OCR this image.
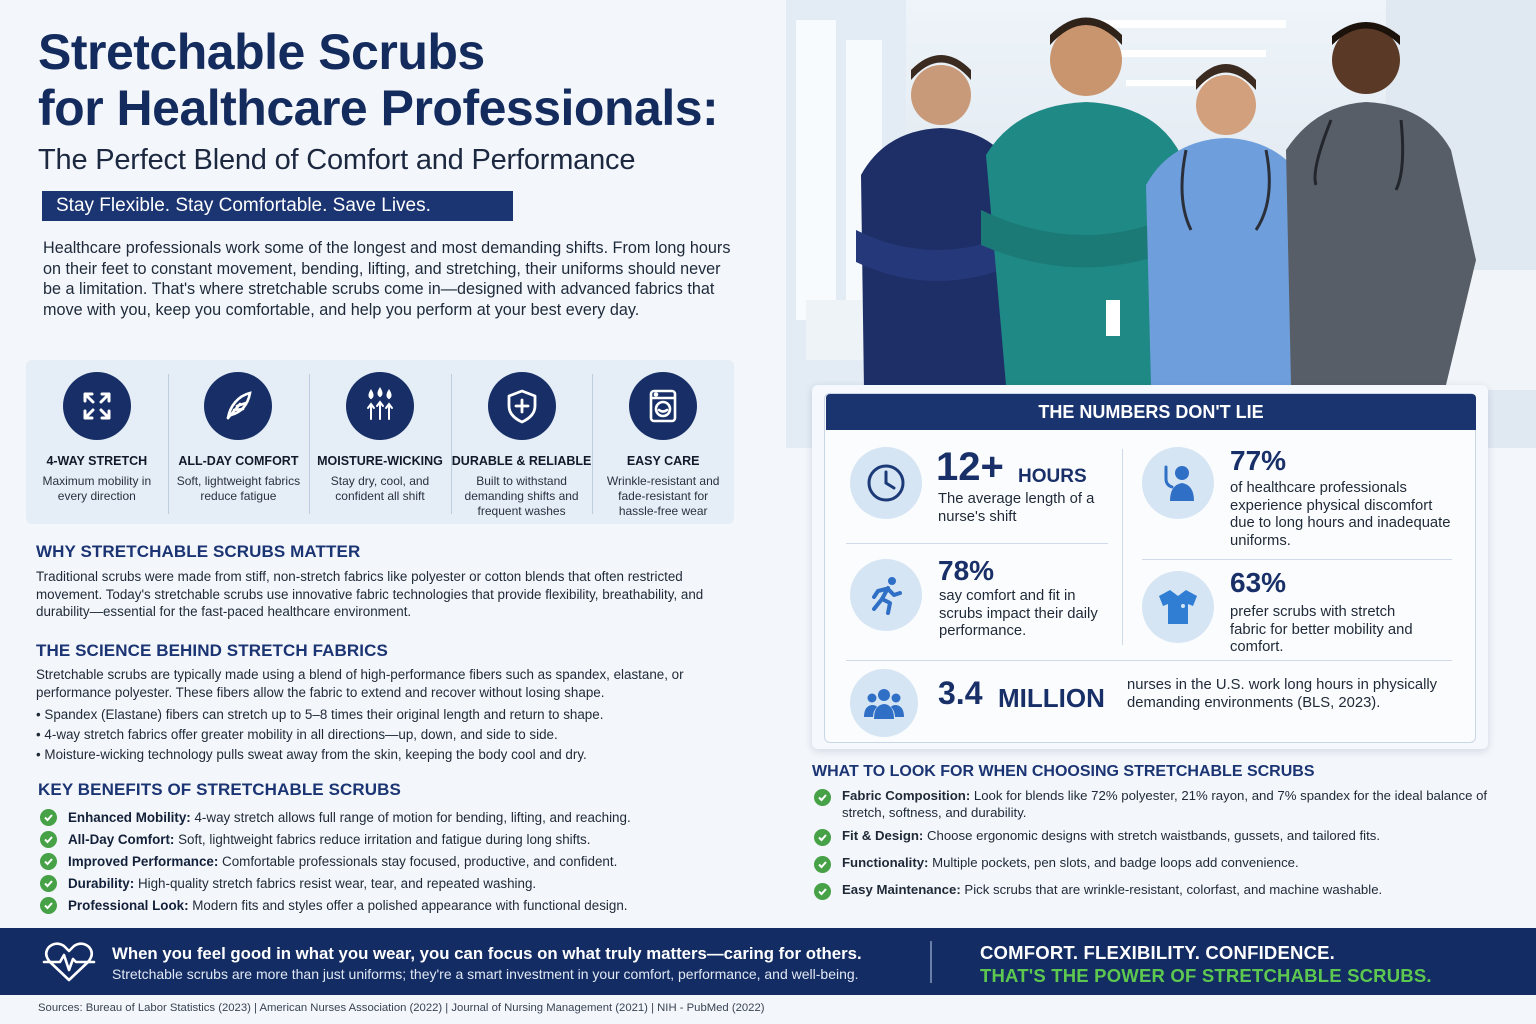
Stretchable Scrubs
for Healthcare Professionals:
The Perfect Blend of Comfort and Performance
Stay Flexible. Stay Comfortable. Save Lives.
Healthcare professionals work some of the longest and most demanding shifts. From long hours on their feet to constant movement, bending, lifting, and stretching, their uniforms should never be a limitation. That's where stretchable scrubs come in—designed with advanced fabrics that move with you, keep you comfortable, and help you perform at your best every day.
4-WAY STRETCH
Maximum mobility in every direction
ALL-DAY COMFORT
Soft, lightweight fabrics reduce fatigue
MOISTURE-WICKING
Stay dry, cool, and confident all shift
DURABLE & RELIABLE
Built to withstand demanding shifts and frequent washes
EASY CARE
Wrinkle-resistant and fade-resistant for hassle-free wear
WHY STRETCHABLE SCRUBS MATTER
Traditional scrubs were made from stiff, non-stretch fabrics like polyester or cotton blends that often restricted movement. Today's stretchable scrubs use innovative fabric technologies that provide flexibility, breathability, and durability—essential for the fast-paced healthcare environment.
THE SCIENCE BEHIND STRETCH FABRICS
Stretchable scrubs are typically made using a blend of high-performance fibers such as spandex, elastane, or performance polyester. These fibers allow the fabric to extend and recover without losing shape.
• Spandex (Elastane) fibers can stretch up to 5–8 times their original length and return to shape.
• 4-way stretch fabrics offer greater mobility in all directions—up, down, and side to side.
• Moisture-wicking technology pulls sweat away from the skin, keeping the body cool and dry.
KEY BENEFITS OF STRETCHABLE SCRUBS
Enhanced Mobility: 4-way stretch allows full range of motion for bending, lifting, and reaching.
All-Day Comfort: Soft, lightweight fabrics reduce irritation and fatigue during long shifts.
Improved Performance: Comfortable professionals stay focused, productive, and confident.
Durability: High-quality stretch fabrics resist wear, tear, and repeated washing.
Professional Look: Modern fits and styles offer a polished appearance with functional design.
THE NUMBERS DON'T LIE
12+ HOURS
The average length of a nurse's shift
77%
of healthcare professionals experience physical discomfort due to long hours and inadequate uniforms.
78%
say comfort and fit in scrubs impact their daily performance.
63%
prefer scrubs with stretch fabric for better mobility and comfort.
3.4 MILLION nurses in the U.S. work long hours in physically demanding environments (BLS, 2023).
WHAT TO LOOK FOR WHEN CHOOSING STRETCHABLE SCRUBS
Fabric Composition: Look for blends like 72% polyester, 21% rayon, and 7% spandex for the ideal balance of stretch, softness, and durability.
Fit & Design: Choose ergonomic designs with stretch waistbands, gussets, and tailored fits.
Functionality: Multiple pockets, pen slots, and badge loops add convenience.
Easy Maintenance: Pick scrubs that are wrinkle-resistant, colorfast, and machine washable.
When you feel good in what you wear, you can focus on what truly matters—caring for others.
Stretchable scrubs are more than just uniforms; they're a smart investment in your comfort, performance, and well-being.
COMFORT. FLEXIBILITY. CONFIDENCE.
THAT'S THE POWER OF STRETCHABLE SCRUBS.
Sources: Bureau of Labor Statistics (2023) | American Nurses Association (2022) | Journal of Nursing Management (2021) | NIH - PubMed (2022)
